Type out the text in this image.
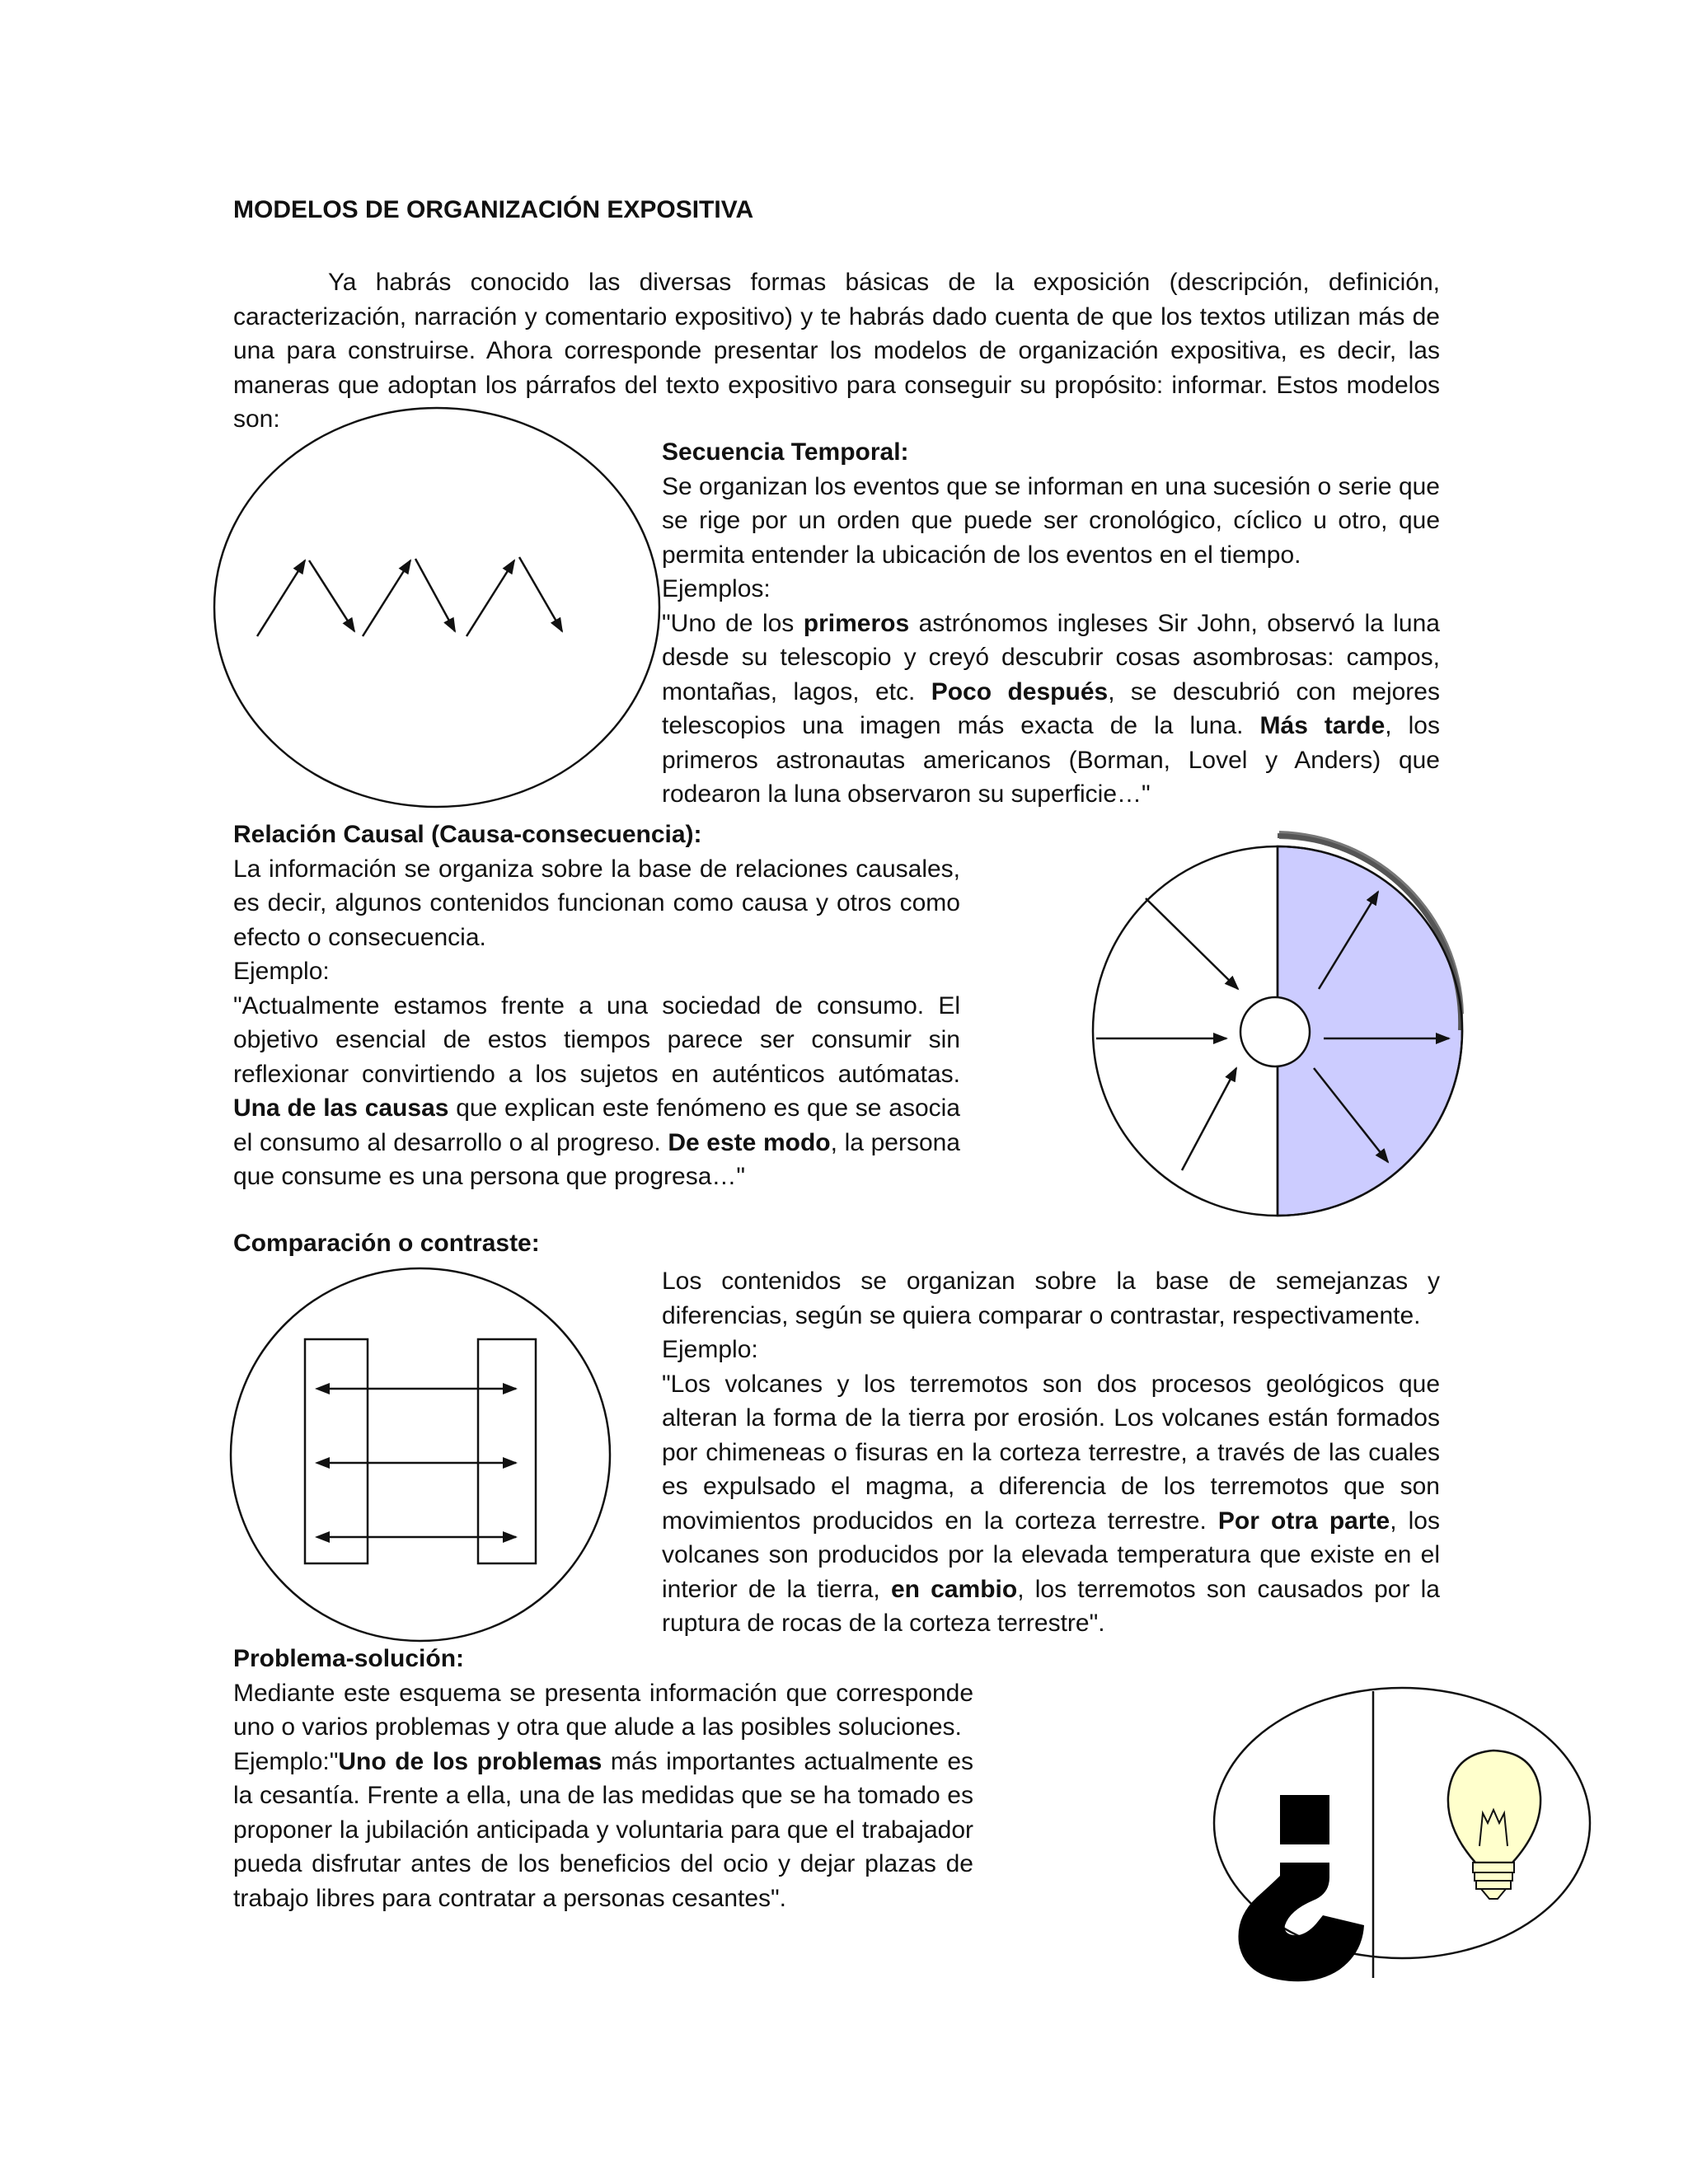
MODELOS DE ORGANIZACIÓN EXPOSITIVA

Ya habrás conocido las diversas formas básicas de la exposición (descripción, definición, caracterización, narración y comentario expositivo) y te habrás dado cuenta de que los textos utilizan más de una para construirse. Ahora corresponde presentar los modelos de organización expositiva, es decir, las maneras que adoptan los párrafos del texto expositivo para conseguir su propósito: informar. Estos modelos son:

Secuencia Temporal:

Se organizan los eventos que se informan en una sucesión o serie que se rige por un orden que puede ser cronológico, cíclico u otro, que permita entender la ubicación de los eventos en el tiempo.

Ejemplos:

"Uno de los primeros astrónomos ingleses Sir John, observó la luna desde su telescopio y creyó descubrir cosas asombrosas: campos, montañas, lagos, etc. Poco después, se descubrió con mejores telescopios una imagen más exacta de la luna. Más tarde, los primeros astronautas americanos (Borman, Lovel y Anders) que rodearon la luna observaron su superficie…"

Relación Causal (Causa-consecuencia):

La información se organiza sobre la base de relaciones causales, es decir, algunos contenidos funcionan como causa y otros como efecto o consecuencia.

Ejemplo:

"Actualmente estamos frente a una sociedad de consumo. El objetivo esencial de estos tiempos parece ser consumir sin reflexionar convirtiendo a los sujetos en auténticos autómatas. Una de las causas que explican este fenómeno es que se asocia el consumo al desarrollo o al progreso. De este modo, la persona que consume es una persona que progresa…"

Comparación o contraste:

Los contenidos se organizan sobre la base de semejanzas y diferencias, según se quiera comparar o contrastar, respectivamente.

Ejemplo:

"Los volcanes y los terremotos son dos procesos geológicos que alteran la forma de la tierra por erosión. Los volcanes están formados por chimeneas o fisuras en la corteza terrestre, a través de las cuales es expulsado el magma, a diferencia de los terremotos que son movimientos producidos en la corteza terrestre. Por otra parte, los volcanes son producidos por la elevada temperatura que existe en el interior de la tierra, en cambio, los terremotos son causados por la ruptura de rocas de la corteza terrestre".

Problema-solución:

Mediante este esquema se presenta información que corresponde uno o varios problemas y otra que alude a las posibles soluciones.

Ejemplo:"Uno de los problemas más importantes actualmente es la cesantía. Frente a ella, una de las medidas que se ha tomado es proponer la jubilación anticipada y voluntaria para que el trabajador pueda disfrutar antes de los beneficios del ocio y dejar plazas de trabajo libres para contratar a personas cesantes".
